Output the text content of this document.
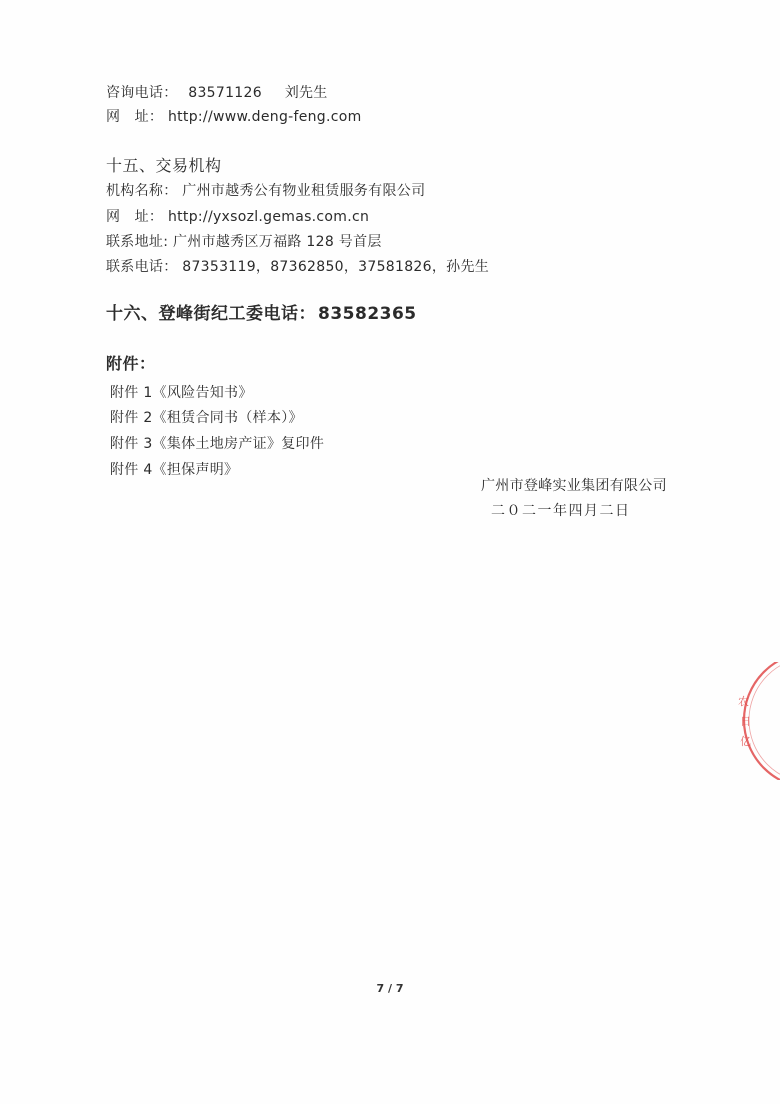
咨询电话： 83571126 刘先生
网　址： http://www.deng-feng.com
十五、交易机构
机构名称： 广州市越秀公有物业租赁服务有限公司
网　址： http://yxsozl.gemas.com.cn
联系地址: 广州市越秀区万福路 128 号首层
联系电话： 87353119，87362850，37581826，孙先生
十六、登峰街纪工委电话： 83582365
附件：
附件 1《风险告知书》
附件 2《租赁合同书（样本）》
附件 3《集体土地房产证》复印件
附件 4《担保声明》
广州市登峰实业集团有限公司
二０二一年四月二日
农
日
亿
7 / 7
